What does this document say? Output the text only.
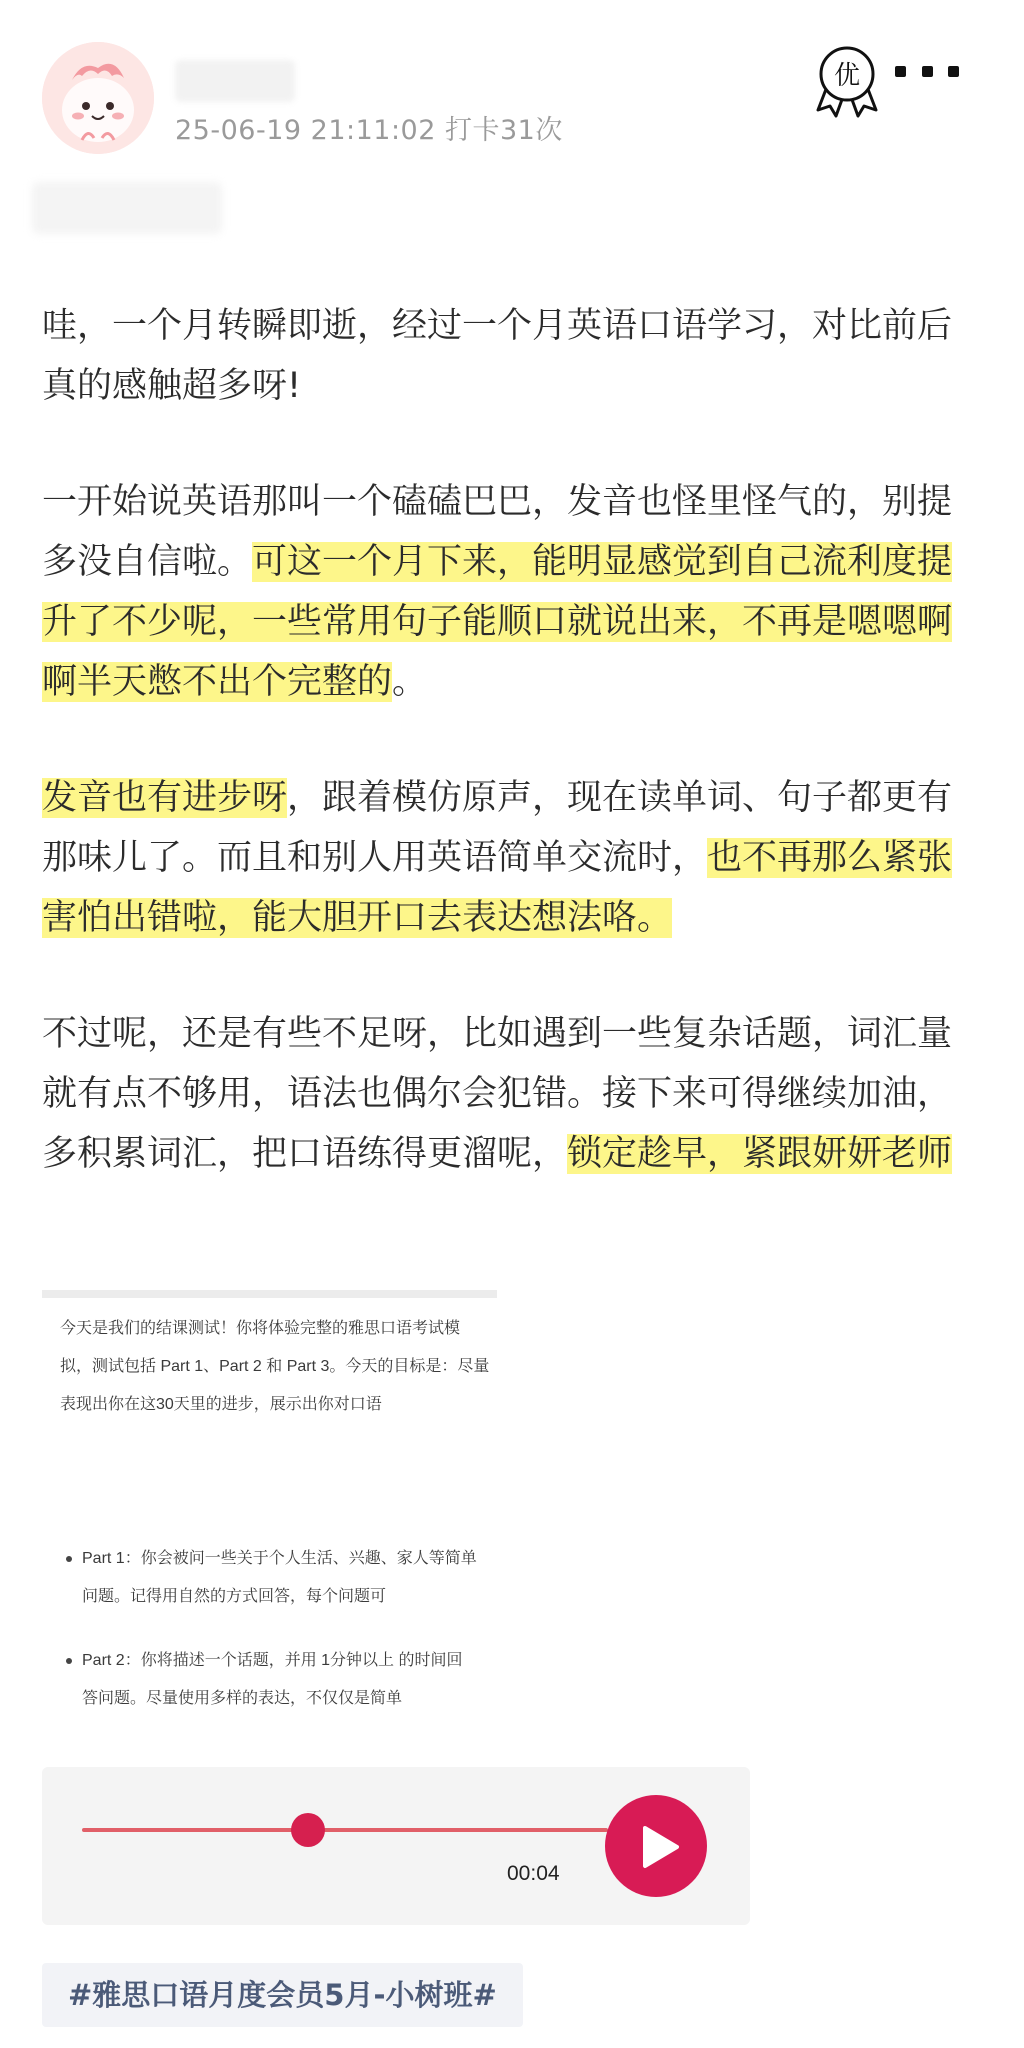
25-06-19 21:11:02 打卡31次
优

哇，一个月转瞬即逝，经过一个月英语口语学习，对比前后真的感触超多呀!

一开始说英语那叫一个磕磕巴巴，发音也怪里怪气的，别提多没自信啦。可这一个月下来，能明显感觉到自己流利度提升了不少呢，一些常用句子能顺口就说出来，不再是嗯嗯啊啊半天憋不出个完整的。

发音也有进步呀，跟着模仿原声，现在读单词、句子都更有那味儿了。而且和别人用英语简单交流时，也不再那么紧张害怕出错啦，能大胆开口去表达想法咯。

不过呢，还是有些不足呀，比如遇到一些复杂话题，词汇量就有点不够用，语法也偶尔会犯错。接下来可得继续加油，多积累词汇，把口语练得更溜呢，锁定趁早，紧跟妍妍老师

今天是我们的结课测试！你将体验完整的雅思口语考试模拟，测试包括 Part 1、Part 2 和 Part 3。今天的目标是：尽量表现出你在这30天里的进步，展示出你对口语
Part 1：你会被问一些关于个人生活、兴趣、家人等简单问题。记得用自然的方式回答，每个问题可
Part 2：你将描述一个话题，并用 1分钟以上 的时间回答问题。尽量使用多样的表达，不仅仅是简单
00:04
#雅思口语月度会员5月-小树班#
